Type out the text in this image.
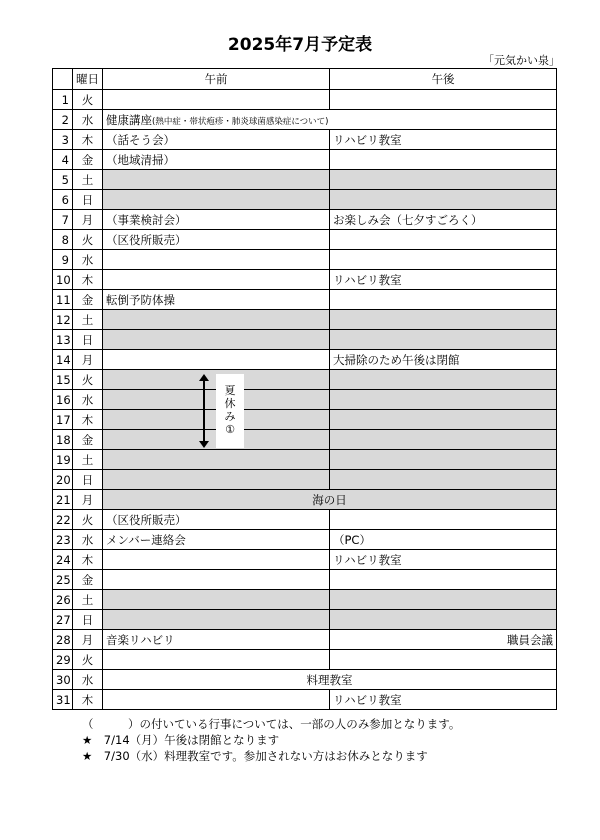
2025年7月予定表
「元気かい泉」
	曜日	午前	午後
1	火		
2	水	健康講座(熱中症・帯状疱疹・肺炎球菌感染症について)	
3	木	（話そう会）	リハビリ教室
4	金	（地域清掃）	
5	土		
6	日		
7	月	（事業検討会）	お楽しみ会（七夕すごろく）
8	火	（区役所販売）	
9	水		
10	木		リハビリ教室
11	金	転倒予防体操	
12	土		
13	日		
14	月		大掃除のため午後は閉館
15	火		
16	水		
17	木		
18	金		
19	土		
20	日		
21	月	海の日	
22	火	（区役所販売）	
23	水	メンバー連絡会	（PC）
24	木		リハビリ教室
25	金		
26	土		
27	日		
28	月	音楽リハビリ	職員会議
29	火		
30	水	料理教室	
31	木		リハビリ教室
夏
休
み
①
（　　　）の付いている行事については、一部の人のみ参加となります。
★　7/14（月）午後は閉館となります
★　7/30（水）料理教室です。参加されない方はお休みとなります
